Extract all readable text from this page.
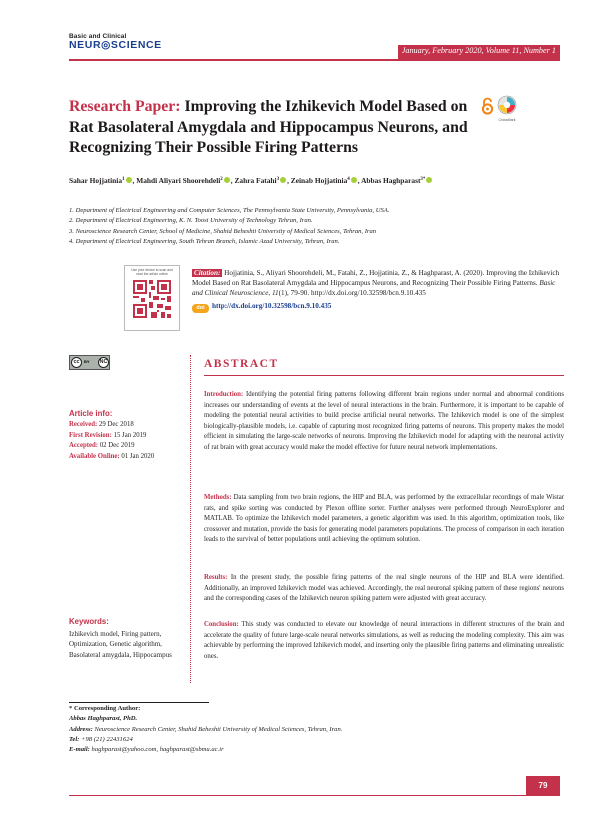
Basic and Clinical
NEUR◎SCIENCE	January, February 2020, Volume 11, Number 1
Research Paper: Improving the Izhikevich Model Based on Rat Basolateral Amygdala and Hippocampus Neurons, and Recognizing Their Possible Firing Patterns
CrossMark
Sahar Hojjatinia$^1$ , Mahdi Aliyari Shoorehdeli$^2$ , Zahra Fatahi$^3$ , Zeinab Hojjatinia$^4$ , Abbas Haghparast$^{3*}$
1. Department of Electrical Engineering and Computer Sciences, The Pennsylvania State University, Pennsylvania, USA.
2. Department of Electrical Engineering, K. N. Toosi University of Technology Tehran, Iran.
3. Neuroscience Research Center, School of Medicine, Shahid Beheshti University of Medical Sciences, Tehran, Iran
4. Department of Electrical Engineering, South Tehran Branch, Islamic Azad University, Tehran, Iran.
Use your device to scan and read the article online	Citation: Hojjatinia, S., Aliyari Shoorehdeli, M., Fatahi, Z., Hojjatinia, Z., & Haghparast, A. (2020). Improving the Izhikevich Model Based on Rat Basolateral Amygdala and Hippocampus Neurons, and Recognizing Their Possible Firing Patterns. Basic and Clinical Neuroscience, 11(1), 79-90. http://dx.doi.org/10.32598/bcn.9.10.435
doi http://dx.doi.org/10.32598/bcn.9.10.435
cc	NC
BY	ABSTRACT
Article info:
Received: 29 Dec 2018
First Revision: 15 Jan 2019
Accepted: 02 Dec 2019
Available Online: 01 Jan 2020
Keywords:
Izhikevich model, Firing pattern, Optimization, Genetic algorithm, Basolateral amygdala, Hippocampus
Introduction: Identifying the potential firing patterns following different brain regions under normal and abnormal conditions increases our understanding of events at the level of neural interactions in the brain. Furthermore, it is important to be capable of modeling the potential neural activities to build precise artificial neural networks. The Izhikevich model is one of the simplest biologically-plausible models, i.e. capable of capturing most recognized firing patterns of neurons. This property makes the model efficient in simulating the large-scale networks of neurons. Improving the Izhikevich model for adapting with the neuronal activity of rat brain with great accuracy would make the model effective for future neural network implementations.
Methods: Data sampling from two brain regions, the HIP and BLA, was performed by the extracellular recordings of male Wistar rats, and spike sorting was conducted by Plexon offline sorter. Further analyses were performed through NeuroExplorer and MATLAB. To optimize the Izhikevich model parameters, a genetic algorithm was used. In this algorithm, optimization tools, like crossover and mutation, provide the basis for generating model parameters populations. The process of comparison in each iteration leads to the survival of better populations until achieving the optimum solution.
Results: In the present study, the possible firing patterns of the real single neurons of the HIP and BLA were identified. Additionally, an improved Izhikevich model was achieved. Accordingly, the real neuronal spiking pattern of these regions' neurons and the corresponding cases of the Izhikevich neuron spiking pattern were adjusted with great accuracy.
Conclusion: This study was conducted to elevate our knowledge of neural interactions in different structures of the brain and accelerate the quality of future large-scale neural networks simulations, as well as reducing the modeling complexity. This aim was achievable by performing the improved Izhikevich model, and inserting only the plausible firing patterns and eliminating unrealistic ones.
* Corresponding Author:
Abbas Haghparast, PhD.
Address: Neuroscience Research Center, Shahid Beheshti University of Medical Sciences, Tehran, Iran.
Tel: +98 (21) 22431624
E-mail: haghparast@yahoo.com, haghparast@sbmu.ac.ir
79
